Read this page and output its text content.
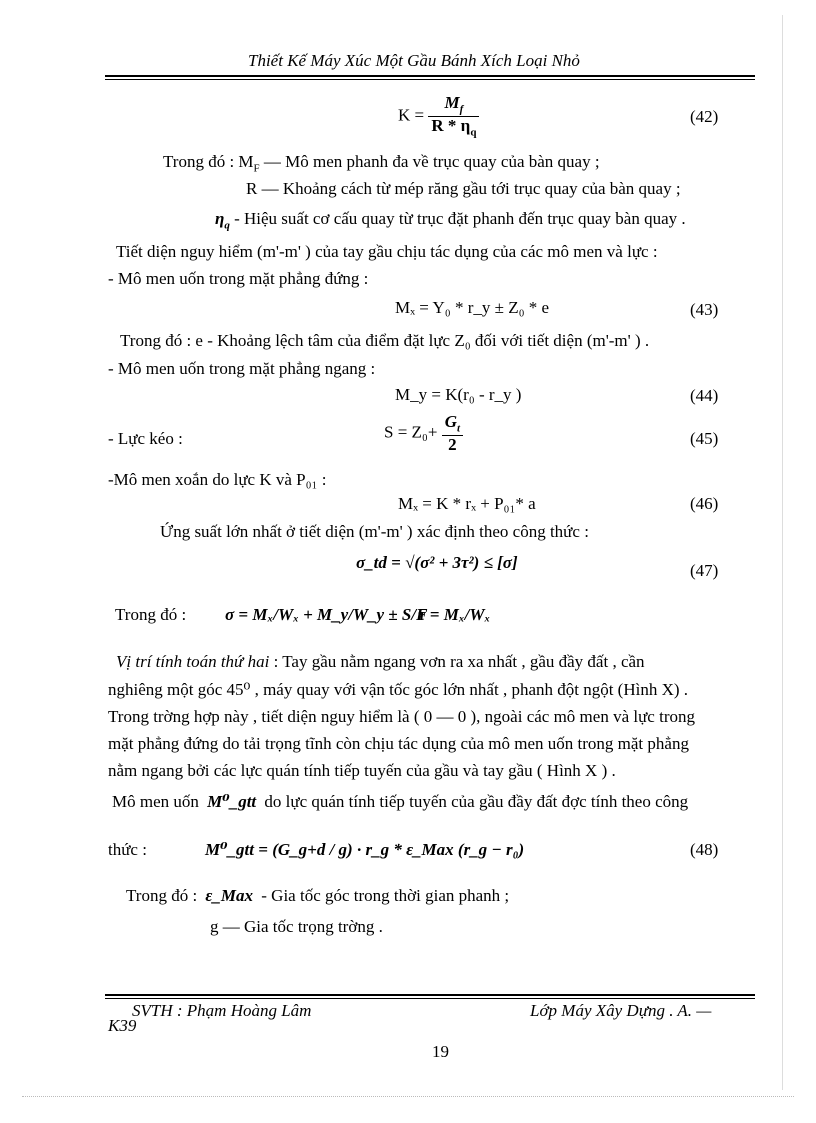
Thiết Kế Máy Xúc Một Gầu Bánh Xích Loại Nhỏ
$K = \frac{M_f}{R * \eta_q}$	(42)
Trong đó : $M_F$ — Mô men phanh đa về trục quay của bàn quay ;
R — Khoảng cách từ mép răng gầu tới trục quay của bàn quay ;
$\eta_q$ - Hiệu suất cơ cấu quay từ trục đặt phanh đến trục quay bàn quay .
Tiết diện nguy hiểm (m'-m' ) của tay gầu chịu tác dụng của các mô men và lực :
- Mô men uốn trong mặt phẳng đứng :
Mₓ = Y₀ * r_y ± Z₀ * e	(43)
Trong đó : e - Khoảng lệch tâm của điểm đặt lực Z₀ đối với tiết diện (m'-m' ) .
- Mô men uốn trong mặt phẳng ngang :
M_y = K(r₀ - r_y )	(44)
- Lực kéo :	$S = Z_0+ \frac{G_t}{2}$	(45)
-Mô men xoắn do lực K và P₀₁ :
Mₓ = K * rₓ + P₀₁* a	(46)
Ứng suất lớn nhất ở tiết diện (m'-m' ) xác định theo công thức :
σ_td = √(σ² + 3τ²) ≤ [σ]	(47)
Trong đó : σ = Mₓ/Wₓ + M_y/W_y ± S/F
τ = Mₓ/Wₓ
Vị trí tính toán thứ hai : Tay gầu nằm ngang vơn ra xa nhất , gầu đầy đất , cần
nghiêng một góc 45⁰ , máy quay với vận tốc góc lớn nhất , phanh đột ngột (Hình X) .
Trong trờng hợp này , tiết diện nguy hiểm là ( 0 — 0 ), ngoài các mô men và lực trong
mặt phẳng đứng do tải trọng tĩnh còn chịu tác dụng của mô men uốn trong mặt phẳng
nằm ngang bởi các lực quán tính tiếp tuyến của gầu và tay gầu ( Hình X ) .
Mô men uốn M⁰_gtt do lực quán tính tiếp tuyến của gầu đầy đất đợc tính theo công
thức :	M⁰_gtt = (G_g+d / g) · r_g * ε_Max (r_g − r₀)	(48)
Trong đó : ε_Max - Gia tốc góc trong thời gian phanh ;
g — Gia tốc trọng trờng .
SVTH : Phạm Hoàng Lâm	Lớp Máy Xây Dựng . A. —
K39
19
